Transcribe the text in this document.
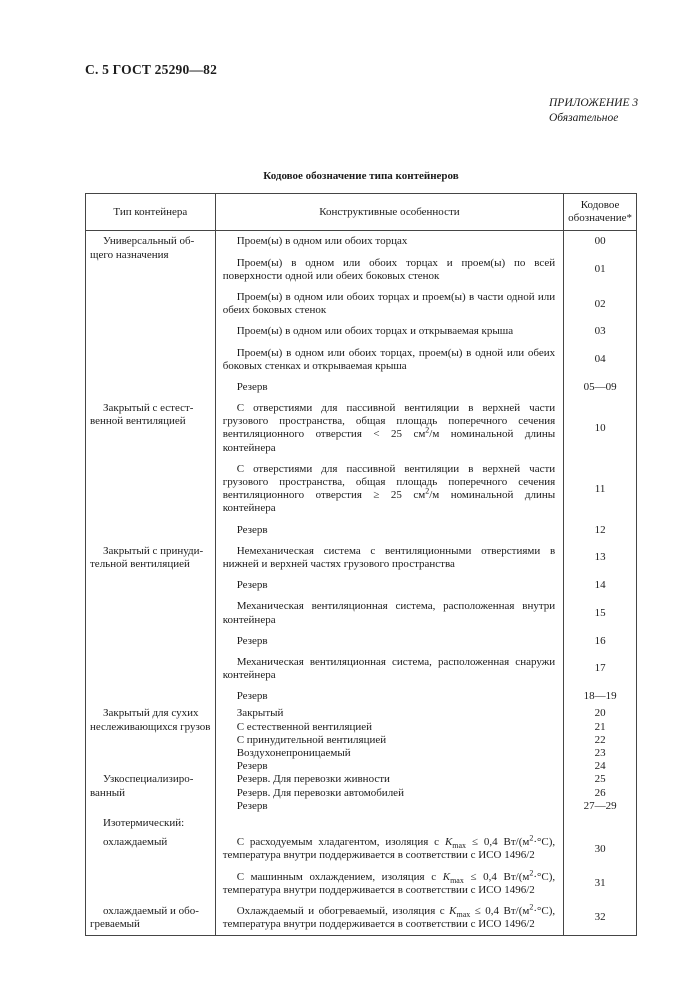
С. 5 ГОСТ 25290—82
ПРИЛОЖЕНИЕ 3
Обязательное
Кодовое обозначение типа контейнеров
Тип контейнера	Конструктивные особенности	Кодовое обозначение*
Универсальный общего назначения	Проем(ы) в одном или обоих торцах	00
	Проем(ы) в одном или обоих торцах и проем(ы) по всей поверхности одной или обеих боковых стенок	01
	Проем(ы) в одном или обоих торцах и проем(ы) в части одной или обеих боковых стенок	02
	Проем(ы) в одном или обоих торцах и открываемая крыша	03
	Проем(ы) в одном или обоих торцах, проем(ы) в одной или обеих боковых стенках и открываемая крыша	04
	Резерв	05—09
Закрытый с естественной вентиляцией	С отверстиями для пассивной вентиляции в верхней части грузового пространства, общая площадь поперечного сечения вентиляционного отверстия < 25 $см^2/м$ номинальной длины контейнера	10
	С отверстиями для пассивной вентиляции в верхней части грузового пространства, общая площадь поперечного сечения вентиляционного отверстия ≥ 25 $см^2/м$ номинальной длины контейнера	11
	Резерв	12
Закрытый с принудительной вентиляцией	Немеханическая система с вентиляционными отверстиями в нижней и верхней частях грузового пространства	13
	Резерв	14
	Механическая вентиляционная система, расположенная внутри контейнера	15
	Резерв	16
	Механическая вентиляционная система, расположенная снаружи контейнера	17
	Резерв	18—19
Закрытый для сухих неслеживающихся грузов	Закрытый	20
	С естественной вентиляцией	21
	С принудительной вентиляцией	22
	Воздухонепроницаемый	23
	Резерв	24
Узкоспециализированный	Резерв. Для перевозки живности	25
	Резерв. Для перевозки автомобилей	26
	Резерв	27—29
Изотермический:		
охлаждаемый	С расходуемым хладагентом, изоляция с $K_{max} \le 0,4$ $Вт/(м^2\cdot^\circ С)$, температура внутри поддерживается в соответствии с ИСО 1496/2	30
	С машинным охлаждением, изоляция с $K_{max} \le 0,4$ $Вт/(м^2\cdot^\circ С)$, температура внутри поддерживается в соответствии с ИСО 1496/2	31
охлаждаемый и обогреваемый	Охлаждаемый и обогреваемый, изоляция с $K_{max} \le 0,4$ $Вт/(м^2\cdot^\circ С)$, температура внутри поддерживается в соответствии с ИСО 1496/2	32
